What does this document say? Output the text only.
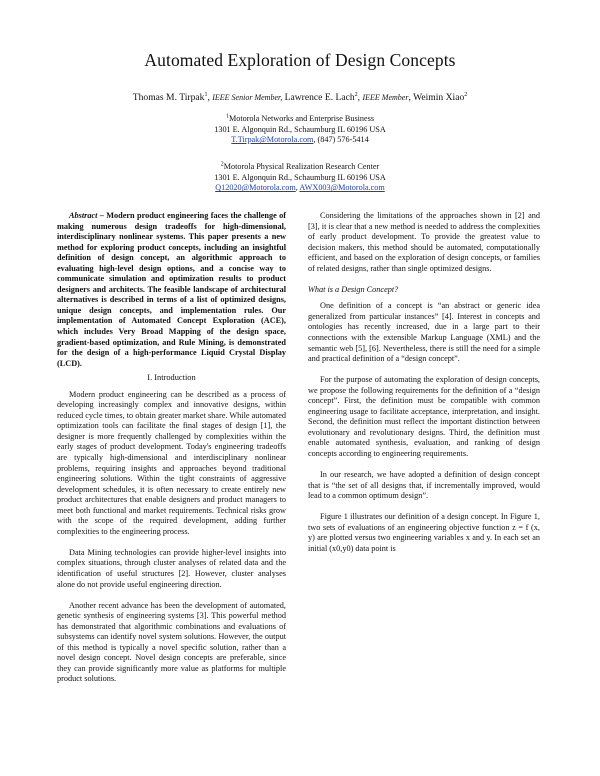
Automated Exploration of Design Concepts
Thomas M. Tirpak$^1$, IEEE Senior Member, Lawrence E. Lach$^2$, IEEE Member, Weimin Xiao$^2$
$^1$Motorola Networks and Enterprise Business
1301 E. Algonquin Rd., Schaumburg IL 60196 USA
T.Tirpak@Motorola.com, (847) 576-5414
$^2$Motorola Physical Realization Research Center
1301 E. Algonquin Rd., Schaumburg IL 60196 USA
Q12020@Motorola.com, AWX003@Motorola.com

Abstract – Modern product engineering faces the challenge of making numerous design tradeoffs for high-dimensional, interdisciplinary nonlinear systems. This paper presents a new method for exploring product concepts, including an insightful definition of design concept, an algorithmic approach to evaluating high-level design options, and a concise way to communicate simulation and optimization results to product designers and architects. The feasible landscape of architectural alternatives is described in terms of a list of optimized designs, unique design concepts, and implementation rules. Our implementation of Automated Concept Exploration (ACE), which includes Very Broad Mapping of the design space, gradient-based optimization, and Rule Mining, is demonstrated for the design of a high-performance Liquid Crystal Display (LCD).

I. Introduction

Modern product engineering can be described as a process of developing increasingly complex and innovative designs, within reduced cycle times, to obtain greater market share. While automated optimization tools can facilitate the final stages of design [1], the designer is more frequently challenged by complexities within the early stages of product development. Today's engineering tradeoffs are typically high-dimensional and interdisciplinary nonlinear problems, requiring insights and approaches beyond traditional engineering solutions. Within the tight constraints of aggressive development schedules, it is often necessary to create entirely new product architectures that enable designers and product managers to meet both functional and market requirements. Technical risks grow with the scope of the required development, adding further complexities to the engineering process.

Data Mining technologies can provide higher-level insights into complex situations, through cluster analyses of related data and the identification of useful structures [2]. However, cluster analyses alone do not provide useful engineering direction.

Another recent advance has been the development of automated, genetic synthesis of engineering systems [3]. This powerful method has demonstrated that algorithmic combinations and evaluations of subsystems can identify novel system solutions. However, the output of this method is typically a novel specific solution, rather than a novel design concept. Novel design concepts are preferable, since they can provide significantly more value as platforms for multiple product solutions.

Considering the limitations of the approaches shown in [2] and [3], it is clear that a new method is needed to address the complexities of early product development. To provide the greatest value to decision makers, this method should be automated, computationally efficient, and based on the exploration of design concepts, or families of related designs, rather than single optimized designs.

What is a Design Concept?

One definition of a concept is “an abstract or generic idea generalized from particular instances” [4]. Interest in concepts and ontologies has recently increased, due in a large part to their connections with the extensible Markup Language (XML) and the semantic web [5], [6]. Nevertheless, there is still the need for a simple and practical definition of a “design concept”.

For the purpose of automating the exploration of design concepts, we propose the following requirements for the definition of a “design concept”. First, the definition must be compatible with common engineering usage to facilitate acceptance, interpretation, and insight. Second, the definition must reflect the important distinction between evolutionary and revolutionary designs. Third, the definition must enable automated synthesis, evaluation, and ranking of design concepts according to engineering requirements.

In our research, we have adopted a definition of design concept that is “the set of all designs that, if incrementally improved, would lead to a common optimum design”.

Figure 1 illustrates our definition of a design concept. In Figure 1, two sets of evaluations of an engineering objective function z = f (x, y) are plotted versus two engineering variables x and y. In each set an initial (x0,y0) data point is
